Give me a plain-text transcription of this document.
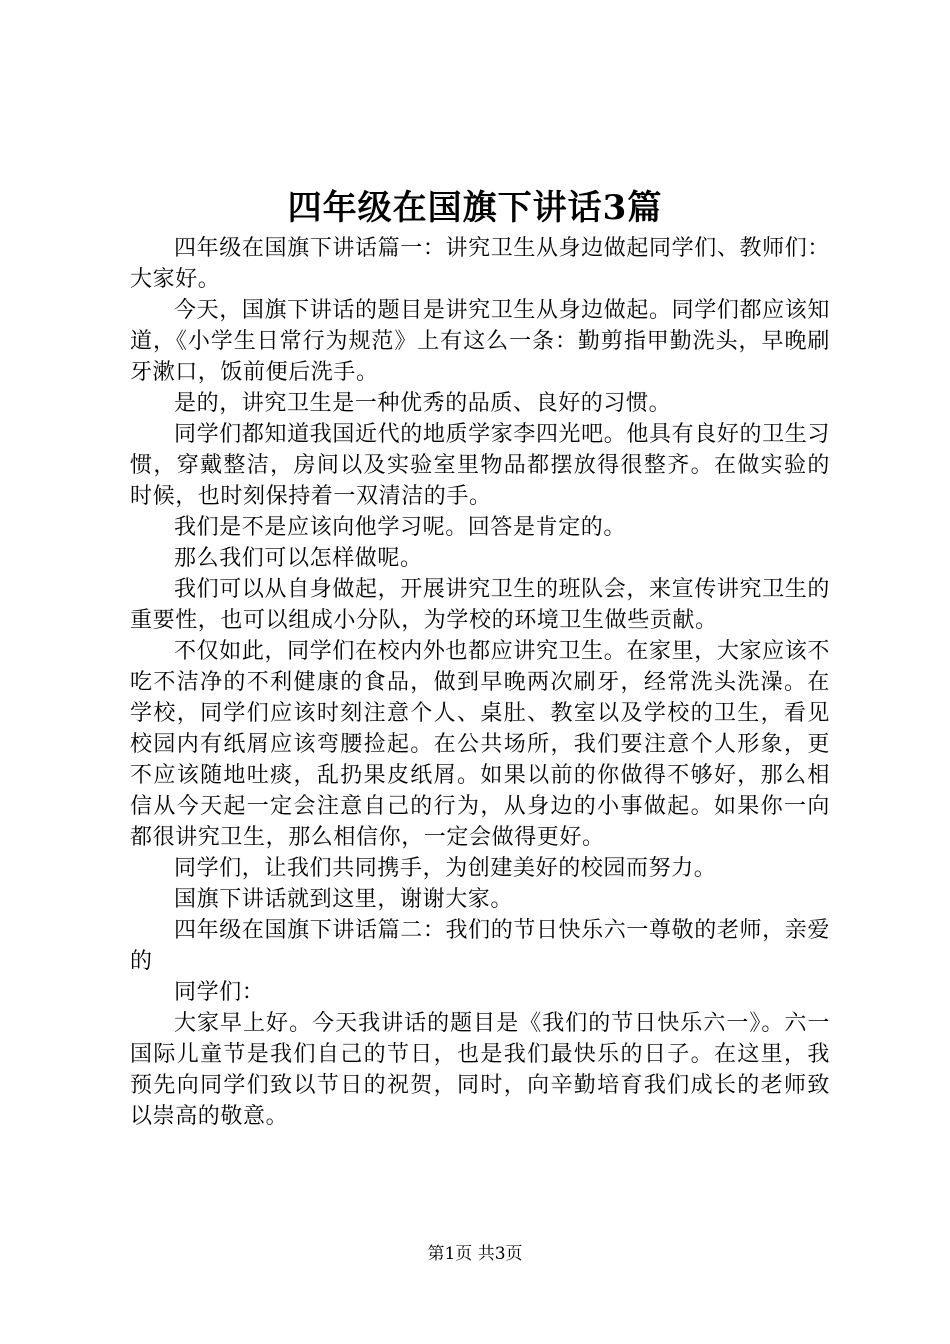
四年级在国旗下讲话3篇

四年级在国旗下讲话篇一：讲究卫生从身边做起同学们、教师们：大家好。

今天，国旗下讲话的题目是讲究卫生从身边做起。同学们都应该知道，《小学生日常行为规范》上有这么一条：勤剪指甲勤洗头，早晚刷牙漱口，饭前便后洗手。

是的，讲究卫生是一种优秀的品质、良好的习惯。

同学们都知道我国近代的地质学家李四光吧。他具有良好的卫生习惯，穿戴整洁，房间以及实验室里物品都摆放得很整齐。在做实验的时候，也时刻保持着一双清洁的手。

我们是不是应该向他学习呢。回答是肯定的。

那么我们可以怎样做呢。

我们可以从自身做起，开展讲究卫生的班队会，来宣传讲究卫生的重要性，也可以组成小分队，为学校的环境卫生做些贡献。

不仅如此，同学们在校内外也都应讲究卫生。在家里，大家应该不吃不洁净的不利健康的食品，做到早晚两次刷牙，经常洗头洗澡。在学校，同学们应该时刻注意个人、桌肚、教室以及学校的卫生，看见校园内有纸屑应该弯腰捡起。在公共场所，我们要注意个人形象，更不应该随地吐痰，乱扔果皮纸屑。如果以前的你做得不够好，那么相信从今天起一定会注意自己的行为，从身边的小事做起。如果你一向都很讲究卫生，那么相信你，一定会做得更好。

同学们，让我们共同携手，为创建美好的校园而努力。

国旗下讲话就到这里，谢谢大家。

四年级在国旗下讲话篇二：我们的节日快乐六一尊敬的老师，亲爱的

同学们：

大家早上好。今天我讲话的题目是《我们的节日快乐六一》。六一国际儿童节是我们自己的节日，也是我们最快乐的日子。在这里，我预先向同学们致以节日的祝贺，同时，向辛勤培育我们成长的老师致以崇高的敬意。

第1页 共3页
